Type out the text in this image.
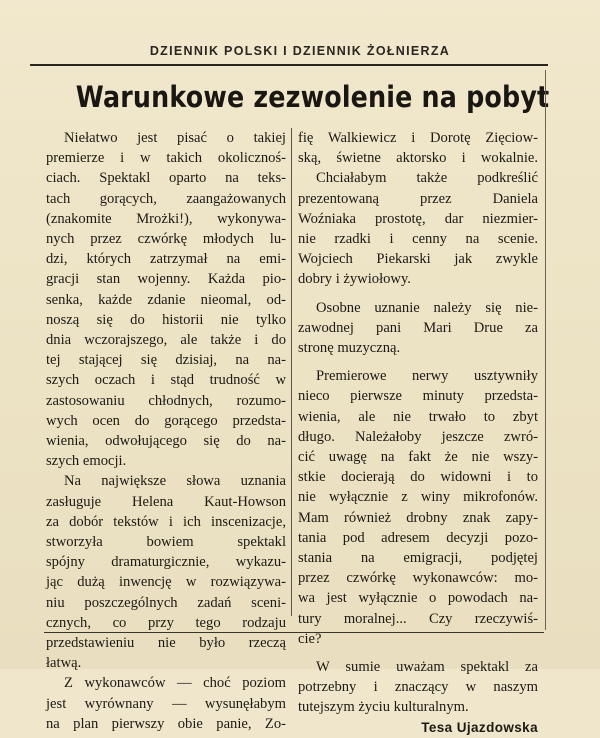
DZIENNIK POLSKI I DZIENNIK ŻOŁNIERZA
Warunkowe zezwolenie na pobyt
Niełatwo jest pisać o takiej
premierze i w takich okolicznoś-
ciach. Spektakl oparto na teks-
tach gorących, zaangażowanych
(znakomite Mrożki!), wykonywa-
nych przez czwórkę młodych lu-
dzi, których zatrzymał na emi-
gracji stan wojenny. Każda pio-
senka, każde zdanie nieomal, od-
noszą się do historii nie tylko
dnia wczorajszego, ale także i do
tej stającej się dzisiaj, na na-
szych oczach i stąd trudność w
zastosowaniu chłodnych, rozumo-
wych ocen do gorącego przedsta-
wienia, odwołującego się do na-
szych emocji.
Na największe słowa uznania
zasługuje Helena Kaut-Howson
za dobór tekstów i ich inscenizacje,
stworzyła bowiem spektakl
spójny dramaturgicznie, wykazu-
jąc dużą inwencję w rozwiązywa-
niu poszczególnych zadań sceni-
cznych, co przy tego rodzaju
przedstawieniu nie było rzeczą
łatwą.
Z wykonawców — choć poziom
jest wyrównany — wysunęłabym
na plan pierwszy obie panie, Zo-
fię Walkiewicz i Dorotę Zięciow-
ską, świetne aktorsko i wokalnie.
Chciałabym także podkreślić
prezentowaną przez Daniela
Woźniaka prostotę, dar niezmier-
nie rzadki i cenny na scenie.
Wojciech Piekarski jak zwykle
dobry i żywiołowy.
Osobne uznanie należy się nie-
zawodnej pani Mari Drue za
stronę muzyczną.
Premierowe nerwy usztywniły
nieco pierwsze minuty przedsta-
wienia, ale nie trwało to zbyt
długo. Należałoby jeszcze zwró-
cić uwagę na fakt że nie wszy-
stkie docierają do widowni i to
nie wyłącznie z winy mikrofonów.
Mam również drobny znak zapy-
tania pod adresem decyzji pozo-
stania na emigracji, podjętej
przez czwórkę wykonawców: mo-
wa jest wyłącznie o powodach na-
tury moralnej... Czy rzeczywiś-
cie?
W sumie uważam spektakl za
potrzebny i znaczący w naszym
tutejszym życiu kulturalnym.
Tesa Ujazdowska
